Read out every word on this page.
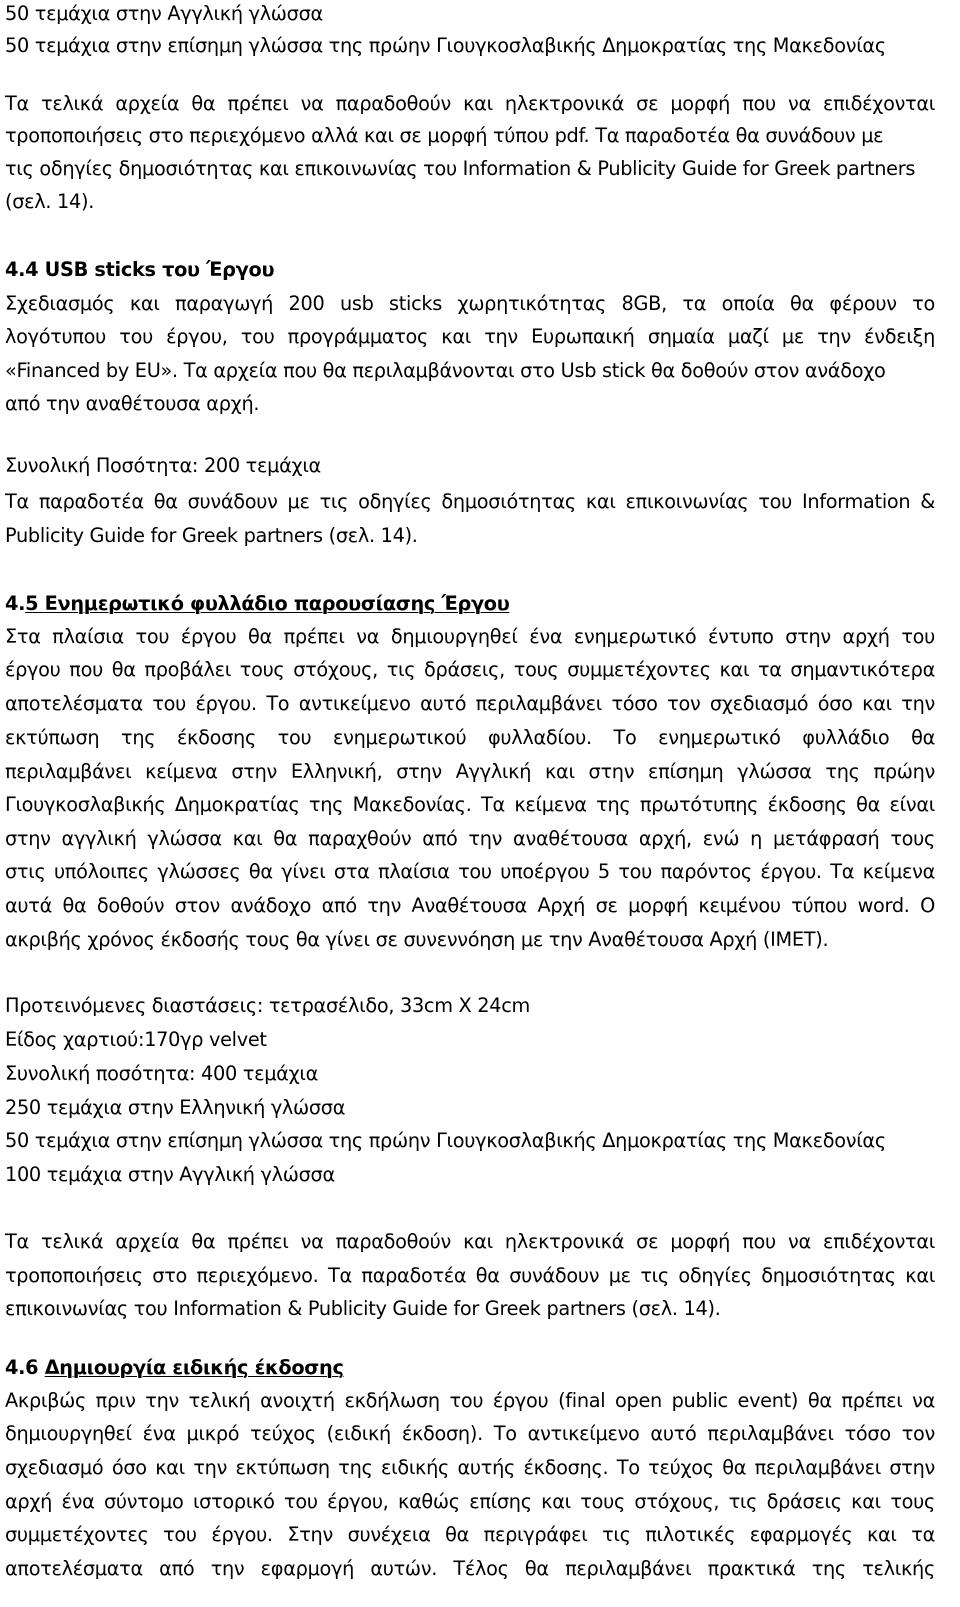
50 τεμάχια στην Αγγλική γλώσσα
50 τεμάχια στην επίσημη γλώσσα της πρώην Γιουγκοσλαβικής Δημοκρατίας της Μακεδονίας
Τα τελικά αρχεία θα πρέπει να παραδοθούν και ηλεκτρονικά σε μορφή που να επιδέχονται
τροποποιήσεις στο περιεχόμενο αλλά και σε μορφή τύπου pdf. Τα παραδοτέα θα συνάδουν με
τις οδηγίες δημοσιότητας και επικοινωνίας του Information & Publicity Guide for Greek partners
(σελ. 14).
4.4 USB sticks του Έργου
Σχεδιασμός και παραγωγή 200 usb sticks χωρητικότητας 8GB, τα οποία θα φέρουν το
λογότυπου του έργου, του προγράμματος και την Ευρωπαική σημαία μαζί με την ένδειξη
«Financed by EU». Τα αρχεία που θα περιλαμβάνονται στο Usb stick θα δοθούν στον ανάδοχο
από την αναθέτουσα αρχή.
Συνολική Ποσότητα: 200 τεμάχια
Τα παραδοτέα θα συνάδουν με τις οδηγίες δημοσιότητας και επικοινωνίας του Information &
Publicity Guide for Greek partners (σελ. 14).
4.5 Ενημερωτικό φυλλάδιο παρουσίασης Έργου
Στα πλαίσια του έργου θα πρέπει να δημιουργηθεί ένα ενημερωτικό έντυπο στην αρχή του
έργου που θα προβάλει τους στόχους, τις δράσεις, τους συμμετέχοντες και τα σημαντικότερα
αποτελέσματα του έργου. Το αντικείμενο αυτό περιλαμβάνει τόσο τον σχεδιασμό όσο και την
εκτύπωση της έκδοσης του ενημερωτικού φυλλαδίου. Το ενημερωτικό φυλλάδιο θα
περιλαμβάνει κείμενα στην Ελληνική, στην Αγγλική και στην επίσημη γλώσσα της πρώην
Γιουγκοσλαβικής Δημοκρατίας της Μακεδονίας. Τα κείμενα της πρωτότυπης έκδοσης θα είναι
στην αγγλική γλώσσα και θα παραχθούν από την αναθέτουσα αρχή, ενώ η μετάφρασή τους
στις υπόλοιπες γλώσσες θα γίνει στα πλαίσια του υποέργου 5 του παρόντος έργου. Τα κείμενα
αυτά θα δοθούν στον ανάδοχο από την Αναθέτουσα Αρχή σε μορφή κειμένου τύπου word. Ο
ακριβής χρόνος έκδοσής τους θα γίνει σε συνεννόηση με την Αναθέτουσα Αρχή (ΙΜΕΤ).
Προτεινόμενες διαστάσεις: τετρασέλιδο, 33cm X 24cm
Είδος χαρτιού:170γρ velvet
Συνολική ποσότητα: 400 τεμάχια
250 τεμάχια στην Ελληνική γλώσσα
50 τεμάχια στην επίσημη γλώσσα της πρώην Γιουγκοσλαβικής Δημοκρατίας της Μακεδονίας
100 τεμάχια στην Αγγλική γλώσσα
Τα τελικά αρχεία θα πρέπει να παραδοθούν και ηλεκτρονικά σε μορφή που να επιδέχονται
τροποποιήσεις στο περιεχόμενο. Τα παραδοτέα θα συνάδουν με τις οδηγίες δημοσιότητας και
επικοινωνίας του Information & Publicity Guide for Greek partners (σελ. 14).
4.6 Δημιουργία ειδικής έκδοσης
Ακριβώς πριν την τελική ανοιχτή εκδήλωση του έργου (final open public event) θα πρέπει να
δημιουργηθεί ένα μικρό τεύχος (ειδική έκδοση). Το αντικείμενο αυτό περιλαμβάνει τόσο τον
σχεδιασμό όσο και την εκτύπωση της ειδικής αυτής έκδοσης. Το τεύχος θα περιλαμβάνει στην
αρχή ένα σύντομο ιστορικό του έργου, καθώς επίσης και τους στόχους, τις δράσεις και τους
συμμετέχοντες του έργου. Στην συνέχεια θα περιγράφει τις πιλοτικές εφαρμογές και τα
αποτελέσματα από την εφαρμογή αυτών. Τέλος θα περιλαμβάνει πρακτικά της τελικής
